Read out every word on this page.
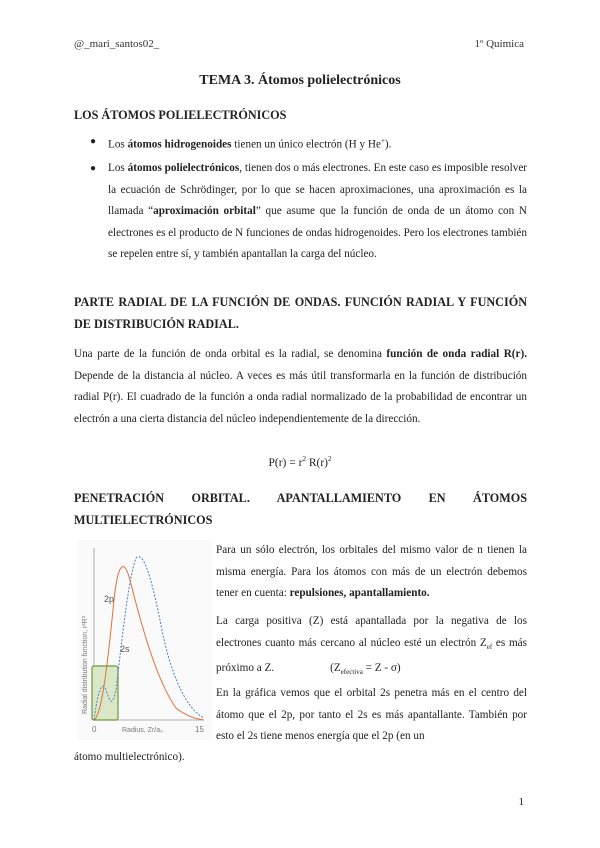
@_mari_santos02_	1º Química
TEMA 3. Átomos polielectrónicos
LOS ÁTOMOS POLIELECTRÓNICOS
● Los átomos hidrogenoides tienen un único electrón (H y He+).
● Los átomos polielectrónicos, tienen dos o más electrones. En este caso es imposible resolver la ecuación de Schrödinger, por lo que se hacen aproximaciones, una aproximación es la llamada “aproximación orbital” que asume que la función de onda de un átomo con N electrones es el producto de N funciones de ondas hidrogenoides. Pero los electrones también se repelen entre sí, y también apantallan la carga del núcleo.
PARTE RADIAL DE LA FUNCIÓN DE ONDAS. FUNCIÓN RADIAL Y FUNCIÓN DE DISTRIBUCIÓN RADIAL.

Una parte de la función de onda orbital es la radial, se denomina función de onda radial R(r). Depende de la distancia al núcleo. A veces es más útil transformarla en la función de distribución radial P(r). El cuadrado de la función a onda radial normalizado de la probabilidad de encontrar un electrón a una cierta distancia del núcleo independientemente de la dirección.

$P(r) = r^2$ $R(r)^2$
PENETRACIÓN ORBITAL. APANTALLAMIENTO EN ÁTOMOS MULTIELECTRÓNICOS
2p
2s
Radial distribution function, r²R²
0	Radius, Zr/a₀	15

Para un sólo electrón, los orbitales del mismo valor de n tienen la misma energía. Para los átomos con más de un electrón debemos tener en cuenta: repulsiones, apantallamiento.

La carga positiva (Z) está apantallada por la negativa de los electrones cuanto más cercano al núcleo esté un electrón $Z_{ef}$ es más próximo a Z.	$(Z_{efectiva} = Z - \sigma)$

En la gráfica vemos que el orbital 2s penetra más en el centro del átomo que el 2p, por tanto el 2s es más apantallante. También por esto el 2s tiene menos energía que el 2p (en un

átomo multielectrónico).
1
